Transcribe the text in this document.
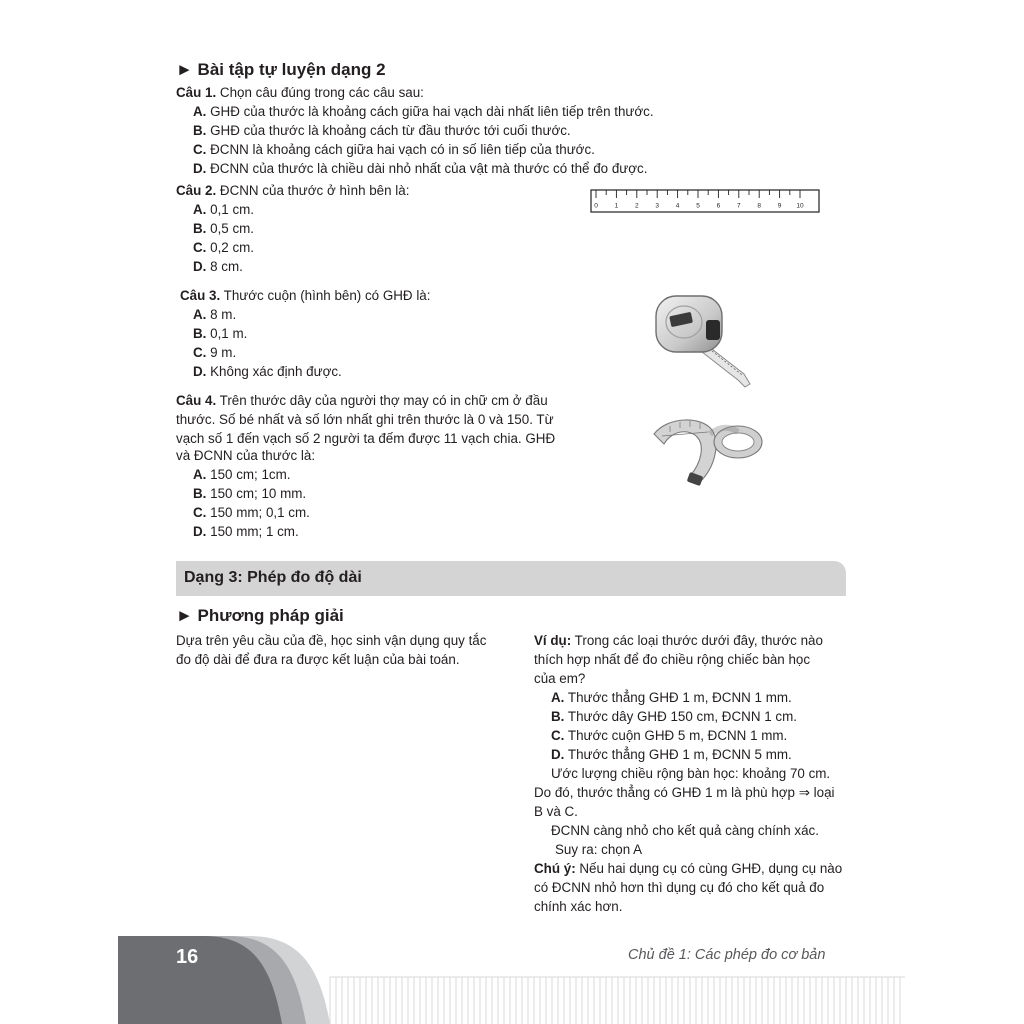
► Bài tập tự luyện dạng 2
Câu 1. Chọn câu đúng trong các câu sau:
A. GHĐ của thước là khoảng cách giữa hai vạch dài nhất liên tiếp trên thước.
B. GHĐ của thước là khoảng cách từ đầu thước tới cuối thước.
C. ĐCNN là khoảng cách giữa hai vạch có in số liên tiếp của thước.
D. ĐCNN của thước là chiều dài nhỏ nhất của vật mà thước có thể đo được.
Câu 2. ĐCNN của thước ở hình bên là:
A. 0,1 cm.
B. 0,5 cm.
C. 0,2 cm.
D. 8 cm.
0	1	2	3	4	5	6	7	8	9 10
Câu 3. Thước cuộn (hình bên) có GHĐ là:
A. 8 m.
B. 0,1 m.
C. 9 m.
D. Không xác định được.
Câu 4. Trên thước dây của người thợ may có in chữ cm ở đầu
thước. Số bé nhất và số lớn nhất ghi trên thước là 0 và 150. Từ
vạch số 1 đến vạch số 2 người ta đếm được 11 vạch chia. GHĐ
và ĐCNN của thước là:
A. 150 cm; 1cm.
B. 150 cm; 10 mm.
C. 150 mm; 0,1 cm.
D. 150 mm; 1 cm.
Dạng 3: Phép đo độ dài
► Phương pháp giải
Dựa trên yêu cầu của đề, học sinh vận dụng quy tắc
đo độ dài để đưa ra được kết luận của bài toán.
Ví dụ: Trong các loại thước dưới đây, thước nào
thích hợp nhất để đo chiều rộng chiếc bàn học
của em?
A. Thước thẳng GHĐ 1 m, ĐCNN 1 mm.
B. Thước dây GHĐ 150 cm, ĐCNN 1 cm.
C. Thước cuộn GHĐ 5 m, ĐCNN 1 mm.
D. Thước thẳng GHĐ 1 m, ĐCNN 5 mm.
Ước lượng chiều rộng bàn học: khoảng 70 cm.
Do đó, thước thẳng có GHĐ 1 m là phù hợp ⇒ loại
B và C.
ĐCNN càng nhỏ cho kết quả càng chính xác.
Suy ra: chọn A
Chú ý: Nếu hai dụng cụ có cùng GHĐ, dụng cụ nào
có ĐCNN nhỏ hơn thì dụng cụ đó cho kết quả đo
chính xác hơn.
16	Chủ đề 1: Các phép đo cơ bản
